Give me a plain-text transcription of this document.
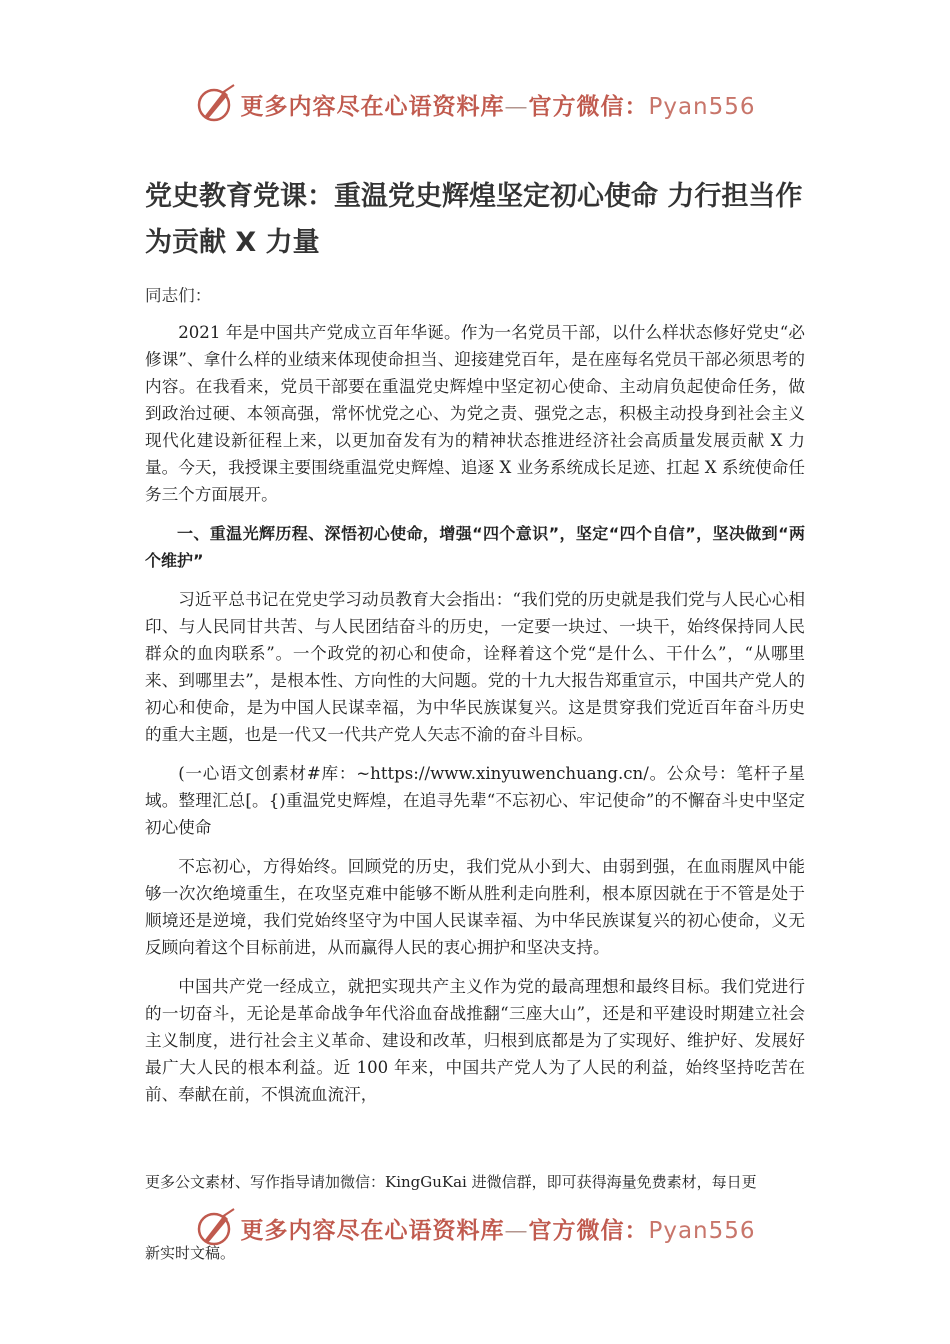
更多内容尽在心语资料库—官方微信：Pyan556
党史教育党课：重温党史辉煌坚定初心使命 力行担当作为贡献 X 力量

同志们：

2021 年是中国共产党成立百年华诞。作为一名党员干部，以什么样状态修好党史“必修课”、拿什么样的业绩来体现使命担当、迎接建党百年，是在座每名党员干部必须思考的内容。在我看来，党员干部要在重温党史辉煌中坚定初心使命、主动肩负起使命任务，做到政治过硬、本领高强，常怀忧党之心、为党之责、强党之志，积极主动投身到社会主义现代化建设新征程上来，以更加奋发有为的精神状态推进经济社会高质量发展贡献 X 力量。今天，我授课主要围绕重温党史辉煌、追逐 X 业务系统成长足迹、扛起 X 系统使命任务三个方面展开。

一、重温光辉历程、深悟初心使命，增强“四个意识”，坚定“四个自信”，坚决做到“两个维护”

习近平总书记在党史学习动员教育大会指出：“我们党的历史就是我们党与人民心心相印、与人民同甘共苦、与人民团结奋斗的历史，一定要一块过、一块干，始终保持同人民群众的血肉联系”。一个政党的初心和使命，诠释着这个党“是什么、干什么”，“从哪里来、到哪里去”，是根本性、方向性的大问题。党的十九大报告郑重宣示，中国共产党人的初心和使命，是为中国人民谋幸福，为中华民族谋复兴。这是贯穿我们党近百年奋斗历史的重大主题，也是一代又一代共产党人矢志不渝的奋斗目标。

(一心语文创素材#库：~https://www.xinyuwenchuang.cn/。公众号：笔杆子星域。整理汇总[。{)重温党史辉煌，在追寻先辈“不忘初心、牢记使命”的不懈奋斗史中坚定初心使命

不忘初心，方得始终。回顾党的历史，我们党从小到大、由弱到强，在血雨腥风中能够一次次绝境重生，在攻坚克难中能够不断从胜利走向胜利，根本原因就在于不管是处于顺境还是逆境，我们党始终坚守为中国人民谋幸福、为中华民族谋复兴的初心使命，义无反顾向着这个目标前进，从而赢得人民的衷心拥护和坚决支持。

中国共产党一经成立，就把实现共产主义作为党的最高理想和最终目标。我们党进行的一切奋斗，无论是革命战争年代浴血奋战推翻“三座大山”，还是和平建设时期建立社会主义制度，进行社会主义革命、建设和改革，归根到底都是为了实现好、维护好、发展好最广大人民的根本利益。近 100 年来，中国共产党人为了人民的利益，始终坚持吃苦在前、奉献在前，不惧流血流汗，

更多公文素材、写作指导请加微信：KingGuKai 进微信群，即可获得海量免费素材，每日更

更多内容尽在心语资料库—官方微信：Pyan556

新实时文稿。
